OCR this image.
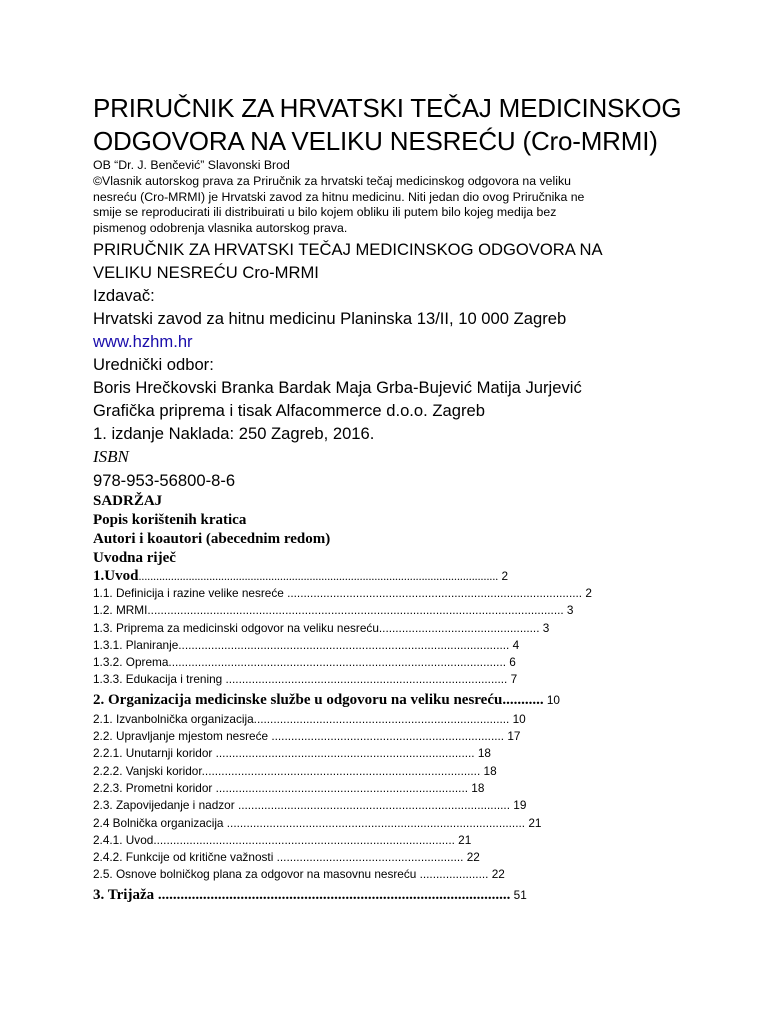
PRIRUČNIK ZA HRVATSKI TEČAJ MEDICINSKOG
ODGOVORA NA VELIKU NESREĆU (Cro-MRMI)
OB “Dr. J. Benčević” Slavonski Brod
©Vlasnik autorskog prava za Priručnik za hrvatski tečaj medicinskog odgovora na veliku
nesreću (Cro-MRMI) je Hrvatski zavod za hitnu medicinu. Niti jedan dio ovog Priručnika ne
smije se reproducirati ili distribuirati u bilo kojem obliku ili putem bilo kojeg medija bez
pismenog odobrenja vlasnika autorskog prava.
PRIRUČNIK ZA HRVATSKI TEČAJ MEDICINSKOG ODGOVORA NA
VELIKU NESREĆU Cro-MRMI
Izdavač:
Hrvatski zavod za hitnu medicinu Planinska 13/II, 10 000 Zagreb
www.hzhm.hr
Urednički odbor:
Boris Hrečkovski Branka Bardak Maja Grba-Bujević Matija Jurjević
Grafička priprema i tisak Alfacommerce d.o.o. Zagreb
1. izdanje Naklada: 250 Zagreb, 2016.
ISBN
978-953-56800-8-6
SADRŽAJ
Popis korištenih kratica
Autori i koautori (abecednim redom)
Uvodna riječ
1.Uvod.......................................................................................................................... 2
1.1. Definicija i razine velike nesreće .......................................................................................... 2
1.2. MRMI............................................................................................................................... 3
1.3. Priprema za medicinski odgovor na veliku nesreću................................................. 3
1.3.1. Planiranje..................................................................................................... 4
1.3.2. Oprema....................................................................................................... 6
1.3.3. Edukacija i trening ...................................................................................... 7
2. Organizacija medicinske službe u odgovoru na veliku nesreću........... 10
2.1. Izvanbolnička organizacija.............................................................................. 10
2.2. Upravljanje mjestom nesreće ....................................................................... 17
2.2.1. Unutarnji koridor ............................................................................... 18
2.2.2. Vanjski koridor..................................................................................... 18
2.2.3. Prometni koridor ............................................................................. 18
2.3. Zapovijedanje i nadzor ................................................................................... 19
2.4 Bolnička organizacija ........................................................................................... 21
2.4.1. Uvod............................................................................................ 21
2.4.2. Funkcije od kritične važnosti ......................................................... 22
2.5. Osnove bolničkog plana za odgovor na masovnu nesreću ..................... 22
3. Trijaža .............................................................................................. 51
